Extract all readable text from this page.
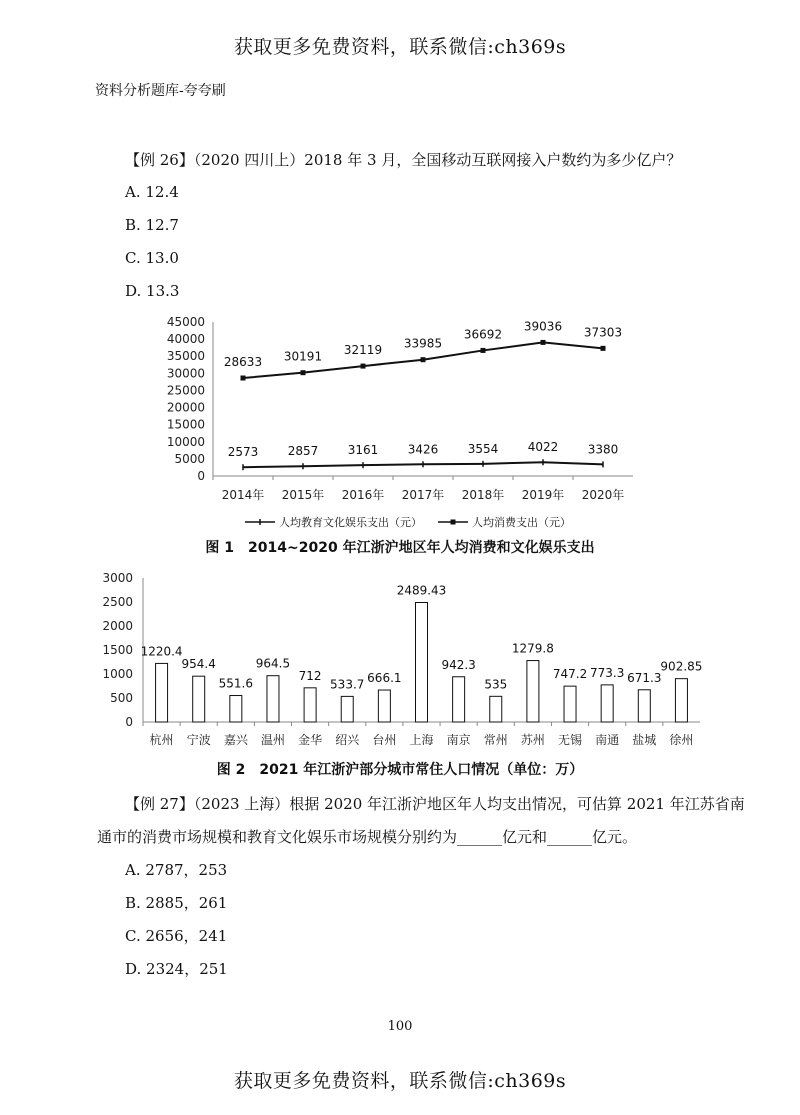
获取更多免费资料，联系微信:ch369s
资料分析题库-夸夸刷
【例 26】（2020 四川上）2018 年 3 月，全国移动互联网接入户数约为多少亿户？
A. 12.4
B. 12.7
C. 13.0
D. 13.3
0
5000
10000
15000
20000
25000
30000
35000
40000
45000
2014年 2015年 2016年 2017年 2018年 2019年 2020年
2573 2857 3161 3426 3554 4022 3380
28633 30191 32119 33985
36692
39036 37303
人均教育文化娱乐支出（元）	人均消费支出（元）
图 1　2014~2020 年江浙沪地区年人均消费和文化娱乐支出
0
500
1000
1500
2000
2500
3000
1220.4
杭州
954.4
宁波
551.6
嘉兴
964.5
温州
712
金华
533.7
绍兴
666.1
台州
2489.43
上海
942.3
南京
535
常州
1279.8
苏州
747.2
无锡
773.3
南通
671.3
盐城
902.85
徐州
图 2　2021 年江浙沪部分城市常住人口情况（单位：万）
【例 27】（2023 上海）根据 2020 年江浙沪地区年人均支出情况，可估算 2021 年江苏省南
通市的消费市场规模和教育文化娱乐市场规模分别约为______亿元和______亿元。
A. 2787，253
B. 2885，261
C. 2656，241
D. 2324，251
100
获取更多免费资料，联系微信:ch369s
